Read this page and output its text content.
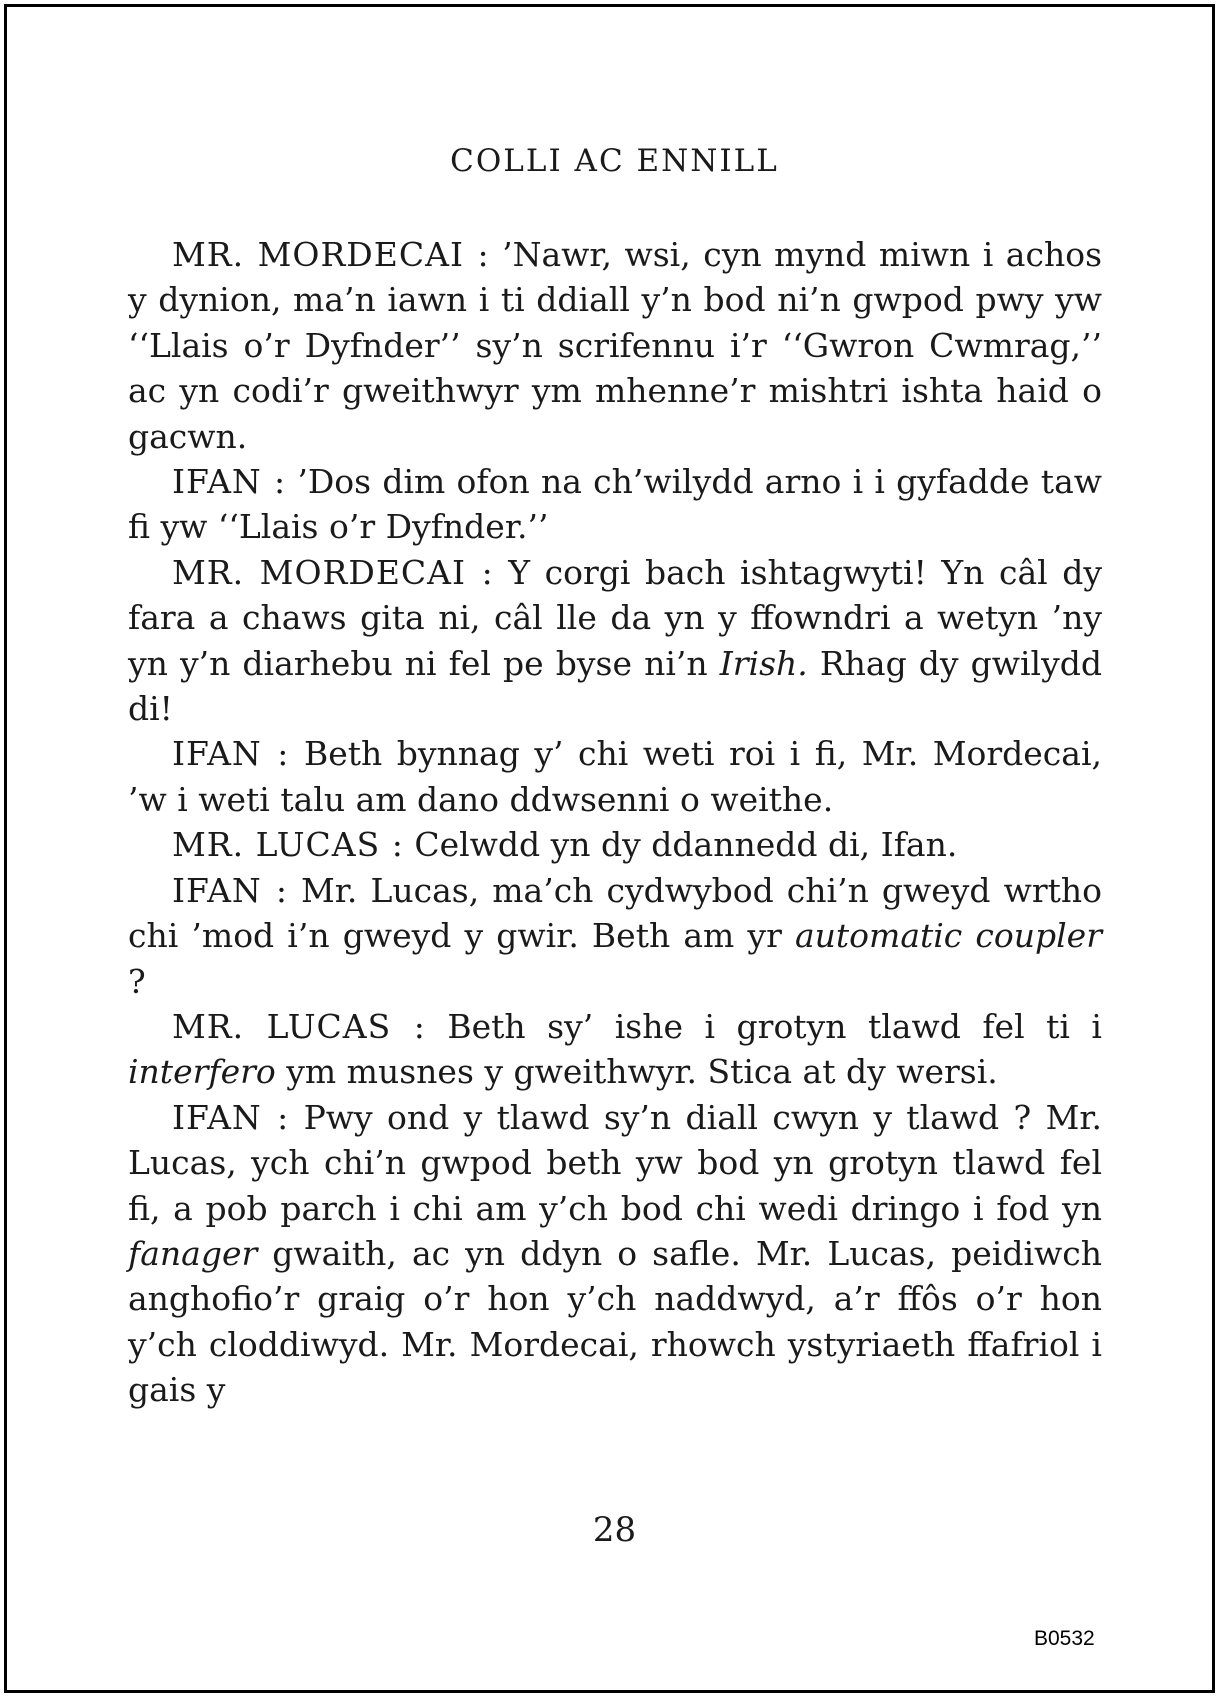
COLLI AC ENNILL

MR. MORDECAI : ’Nawr, wsi, cyn mynd miwn i achos y dynion, ma’n iawn i ti ddiall y’n bod ni’n gwpod pwy yw ‘‘Llais o’r Dyfnder’’ sy’n scrifennu i’r ‘‘Gwron Cwmrag,’’ ac yn codi’r gweithwyr ym mhenne’r mishtri ishta haid o gacwn.

IFAN : ’Dos dim ofon na ch’wilydd arno i i gyfadde taw fi yw ‘‘Llais o’r Dyfnder.’’

MR. MORDECAI : Y corgi bach ishtagwyti! Yn câl dy fara a chaws gita ni, câl lle da yn y ffowndri a wetyn ’ny yn y’n diarhebu ni fel pe byse ni’n Irish. Rhag dy gwilydd di!

IFAN : Beth bynnag y’ chi weti roi i fi, Mr. Mordecai, ’w i weti talu am dano ddwsenni o weithe.

MR. LUCAS : Celwdd yn dy ddannedd di, Ifan.

IFAN : Mr. Lucas, ma’ch cydwybod chi’n gweyd wrtho chi ’mod i’n gweyd y gwir. Beth am yr automatic coupler ?

MR. LUCAS : Beth sy’ ishe i grotyn tlawd fel ti i interfero ym musnes y gweithwyr. Stica at dy wersi.

IFAN : Pwy ond y tlawd sy’n diall cwyn y tlawd ? Mr. Lucas, ych chi’n gwpod beth yw bod yn grotyn tlawd fel fi, a pob parch i chi am y’ch bod chi wedi dringo i fod yn fanager gwaith, ac yn ddyn o safle. Mr. Lucas, peidiwch anghofio’r graig o’r hon y’ch naddwyd, a’r ffôs o’r hon y’ch cloddiwyd. Mr. Mordecai, rhowch ystyriaeth ffafriol i gais y

28
B0532
